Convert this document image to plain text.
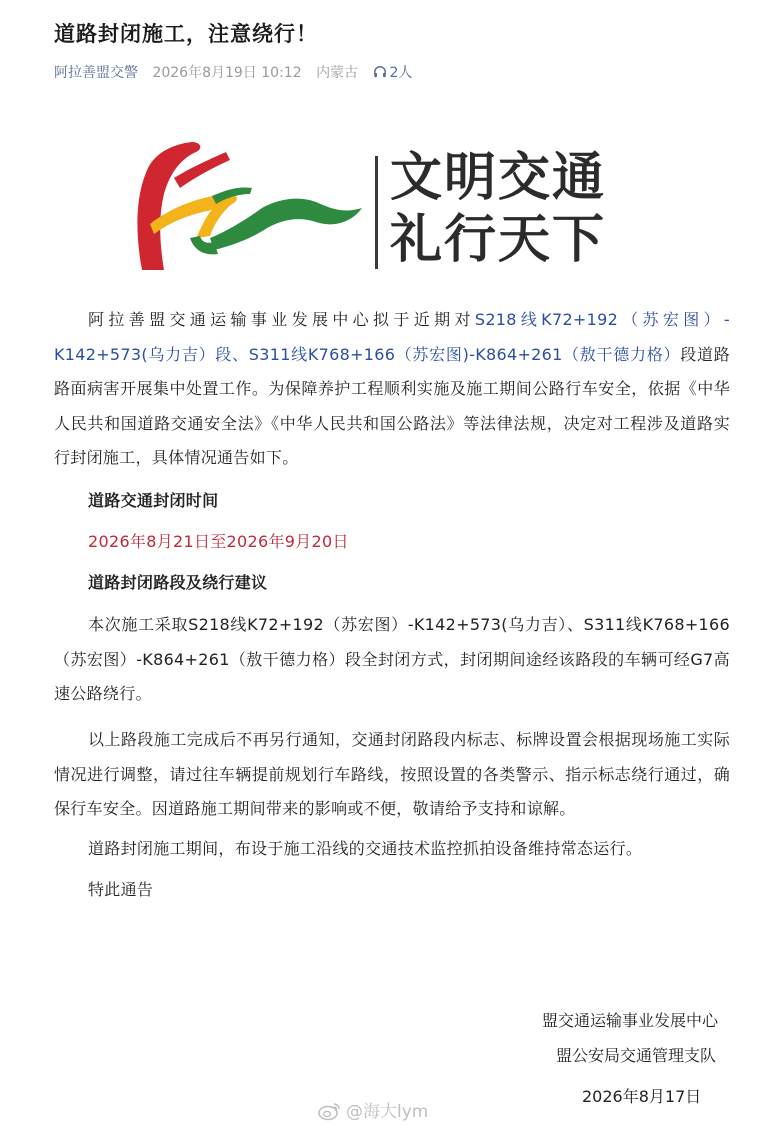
道路封闭施工，注意绕行！
阿拉善盟交警 2026年8月19日 10:12 内蒙古 2人
文明交通
礼行天下
阿拉善盟交通运输事业发展中心拟于近期对S218线K72+192（苏宏图）-K142+573(乌力吉）段、S311线K768+166（苏宏图)-K864+261（敖干德力格）段道路路面病害开展集中处置工作。为保障养护工程顺利实施及施工期间公路行车安全，依据《中华人民共和国道路交通安全法》《中华人民共和国公路法》等法律法规，决定对工程涉及道路实行封闭施工，具体情况通告如下。
道路交通封闭时间
2026年8月21日至2026年9月20日
道路封闭路段及绕行建议
本次施工采取S218线K72+192（苏宏图）-K142+573(乌力吉）、S311线K768+166（苏宏图）-K864+261（敖干德力格）段全封闭方式，封闭期间途经该路段的车辆可经G7高速公路绕行。
以上路段施工完成后不再另行通知，交通封闭路段内标志、标牌设置会根据现场施工实际情况进行调整，请过往车辆提前规划行车路线，按照设置的各类警示、指示标志绕行通过，确保行车安全。因道路施工期间带来的影响或不便，敬请给予支持和谅解。
道路封闭施工期间，布设于施工沿线的交通技术监控抓拍设备维持常态运行。
特此通告
盟交通运输事业发展中心
盟公安局交通管理支队
2026年8月17日
@海大lym
